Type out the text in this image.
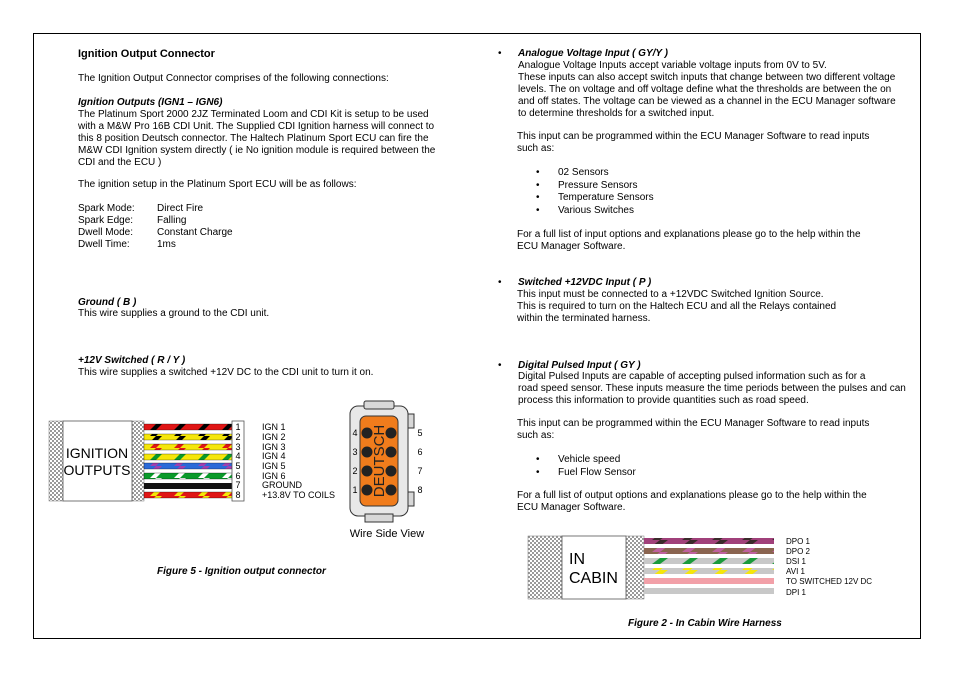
Ignition Output Connector
The Ignition Output Connector comprises of the following connections:
Ignition Outputs (IGN1 – IGN6)
The Platinum Sport 2000 2JZ Terminated Loom and CDI Kit is setup to be used
with a M&W Pro 16B CDI Unit. The Supplied CDI Ignition harness will connect to
this 8 position Deutsch connector. The Haltech Platinum Sport ECU can fire the
M&W CDI Ignition system directly ( ie No ignition module is required between the
CDI and the ECU )
The ignition setup in the Platinum Sport ECU will be as follows:
Spark Mode: Direct Fire
Spark Edge: Falling
Dwell Mode: Constant Charge
Dwell Time:	1ms
Ground ( B )
This wire supplies a ground to the CDI unit.
+12V Switched ( R / Y )
This wire supplies a switched +12V DC to the CDI unit to turn it on.
IGNITION
OUTPUTS
1
2
3
4
5
6
7
8
IGN 1
IGN 2
IGN 3
IGN 4
IGN 5
IGN 6
GROUND
+13.8V TO COILS DEUTSCH
4
3
2
1
5
6
7
8
Wire Side View
Figure 5 - Ignition output connector
• Analogue Voltage Input ( GY/Y )
Analogue Voltage Inputs accept variable voltage inputs from 0V to 5V.
These inputs can also accept switch inputs that change between two different voltage
levels. The on voltage and off voltage define what the thresholds are between the on
and off states. The voltage can be viewed as a channel in the ECU Manager software
to determine thresholds for a switched input.
This input can be programmed within the ECU Manager Software to read inputs
such as:
• 02 Sensors
• Pressure Sensors
• Temperature Sensors
• Various Switches
For a full list of input options and explanations please go to the help within the
ECU Manager Software.
• Switched +12VDC Input ( P )
This input must be connected to a +12VDC Switched Ignition Source.
This is required to turn on the Haltech ECU and all the Relays contained
within the terminated harness.
• Digital Pulsed Input ( GY )
Digital Pulsed Inputs are capable of accepting pulsed information such as for a
road speed sensor. These inputs measure the time periods between the pulses and can
process this information to provide quantities such as road speed.
This input can be programmed within the ECU Manager Software to read inputs
such as:
• Vehicle speed
• Fuel Flow Sensor
For a full list of output options and explanations please go to the help within the
ECU Manager Software.
IN
CABIN
DPO 1
DPO 2
DSI 1
AVI 1
TO SWITCHED 12V DC
DPI 1
Figure 2 - In Cabin Wire Harness
